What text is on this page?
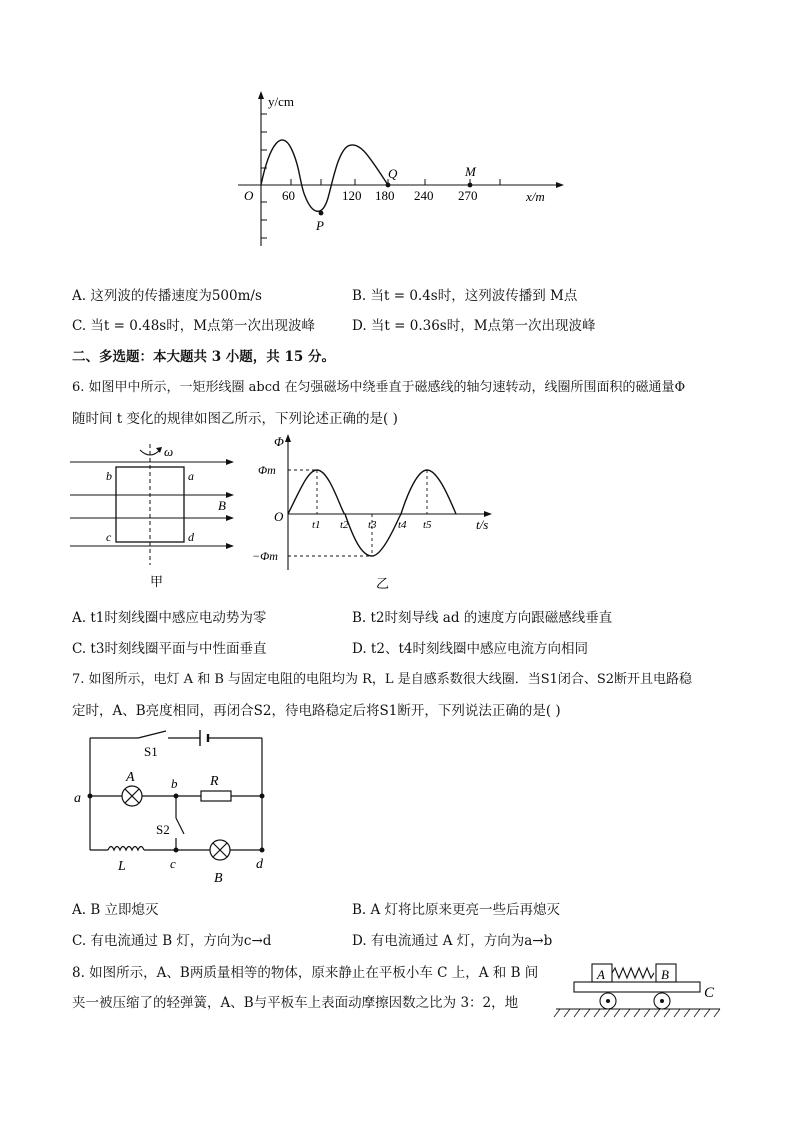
y/cm
x/m
O 60	120 180 240 270
P
Q	M
A. 这列波的传播速度为500m/s	B. 当t = 0.4s时，这列波传播到 M点
C. 当t = 0.48s时，M点第一次出现波峰	D. 当t = 0.36s时，M点第一次出现波峰
二、多选题：本大题共 3 小题，共 15 分。
6. 如图甲中所示，一矩形线圈 abcd 在匀强磁场中绕垂直于磁感线的轴匀速转动，线圈所围面积的磁通量Φ
随时间 t 变化的规律如图乙所示，下列论述正确的是( )
ω
b	a
c	d
B
甲
Φ
Φm
−Φm
O
t/s
t1 t2 t3 t4 t5
乙
A. t1时刻线圈中感应电动势为零	B. t2时刻导线 ad 的速度方向跟磁感线垂直
C. t3时刻线圈平面与中性面垂直	D. t2、t4时刻线圈中感应电流方向相同
7. 如图所示，电灯 A 和 B 与固定电阻的电阻均为 R，L 是自感系数很大线圈．当S1闭合、S2断开且电路稳
定时，A、B亮度相同，再闭合S2，待电路稳定后将S1断开，下列说法正确的是( )
S1
A	b R
a
S2
L	c
B
d
A. B 立即熄灭	B. A 灯将比原来更亮一些后再熄灭
C. 有电流通过 B 灯，方向为c→d	D. 有电流通过 A 灯，方向为a→b
8. 如图所示，A、B两质量相等的物体，原来静止在平板小车 C 上，A 和 B 间
夹一被压缩了的轻弹簧，A、B与平板车上表面动摩擦因数之比为 3：2，地
A	B
C
